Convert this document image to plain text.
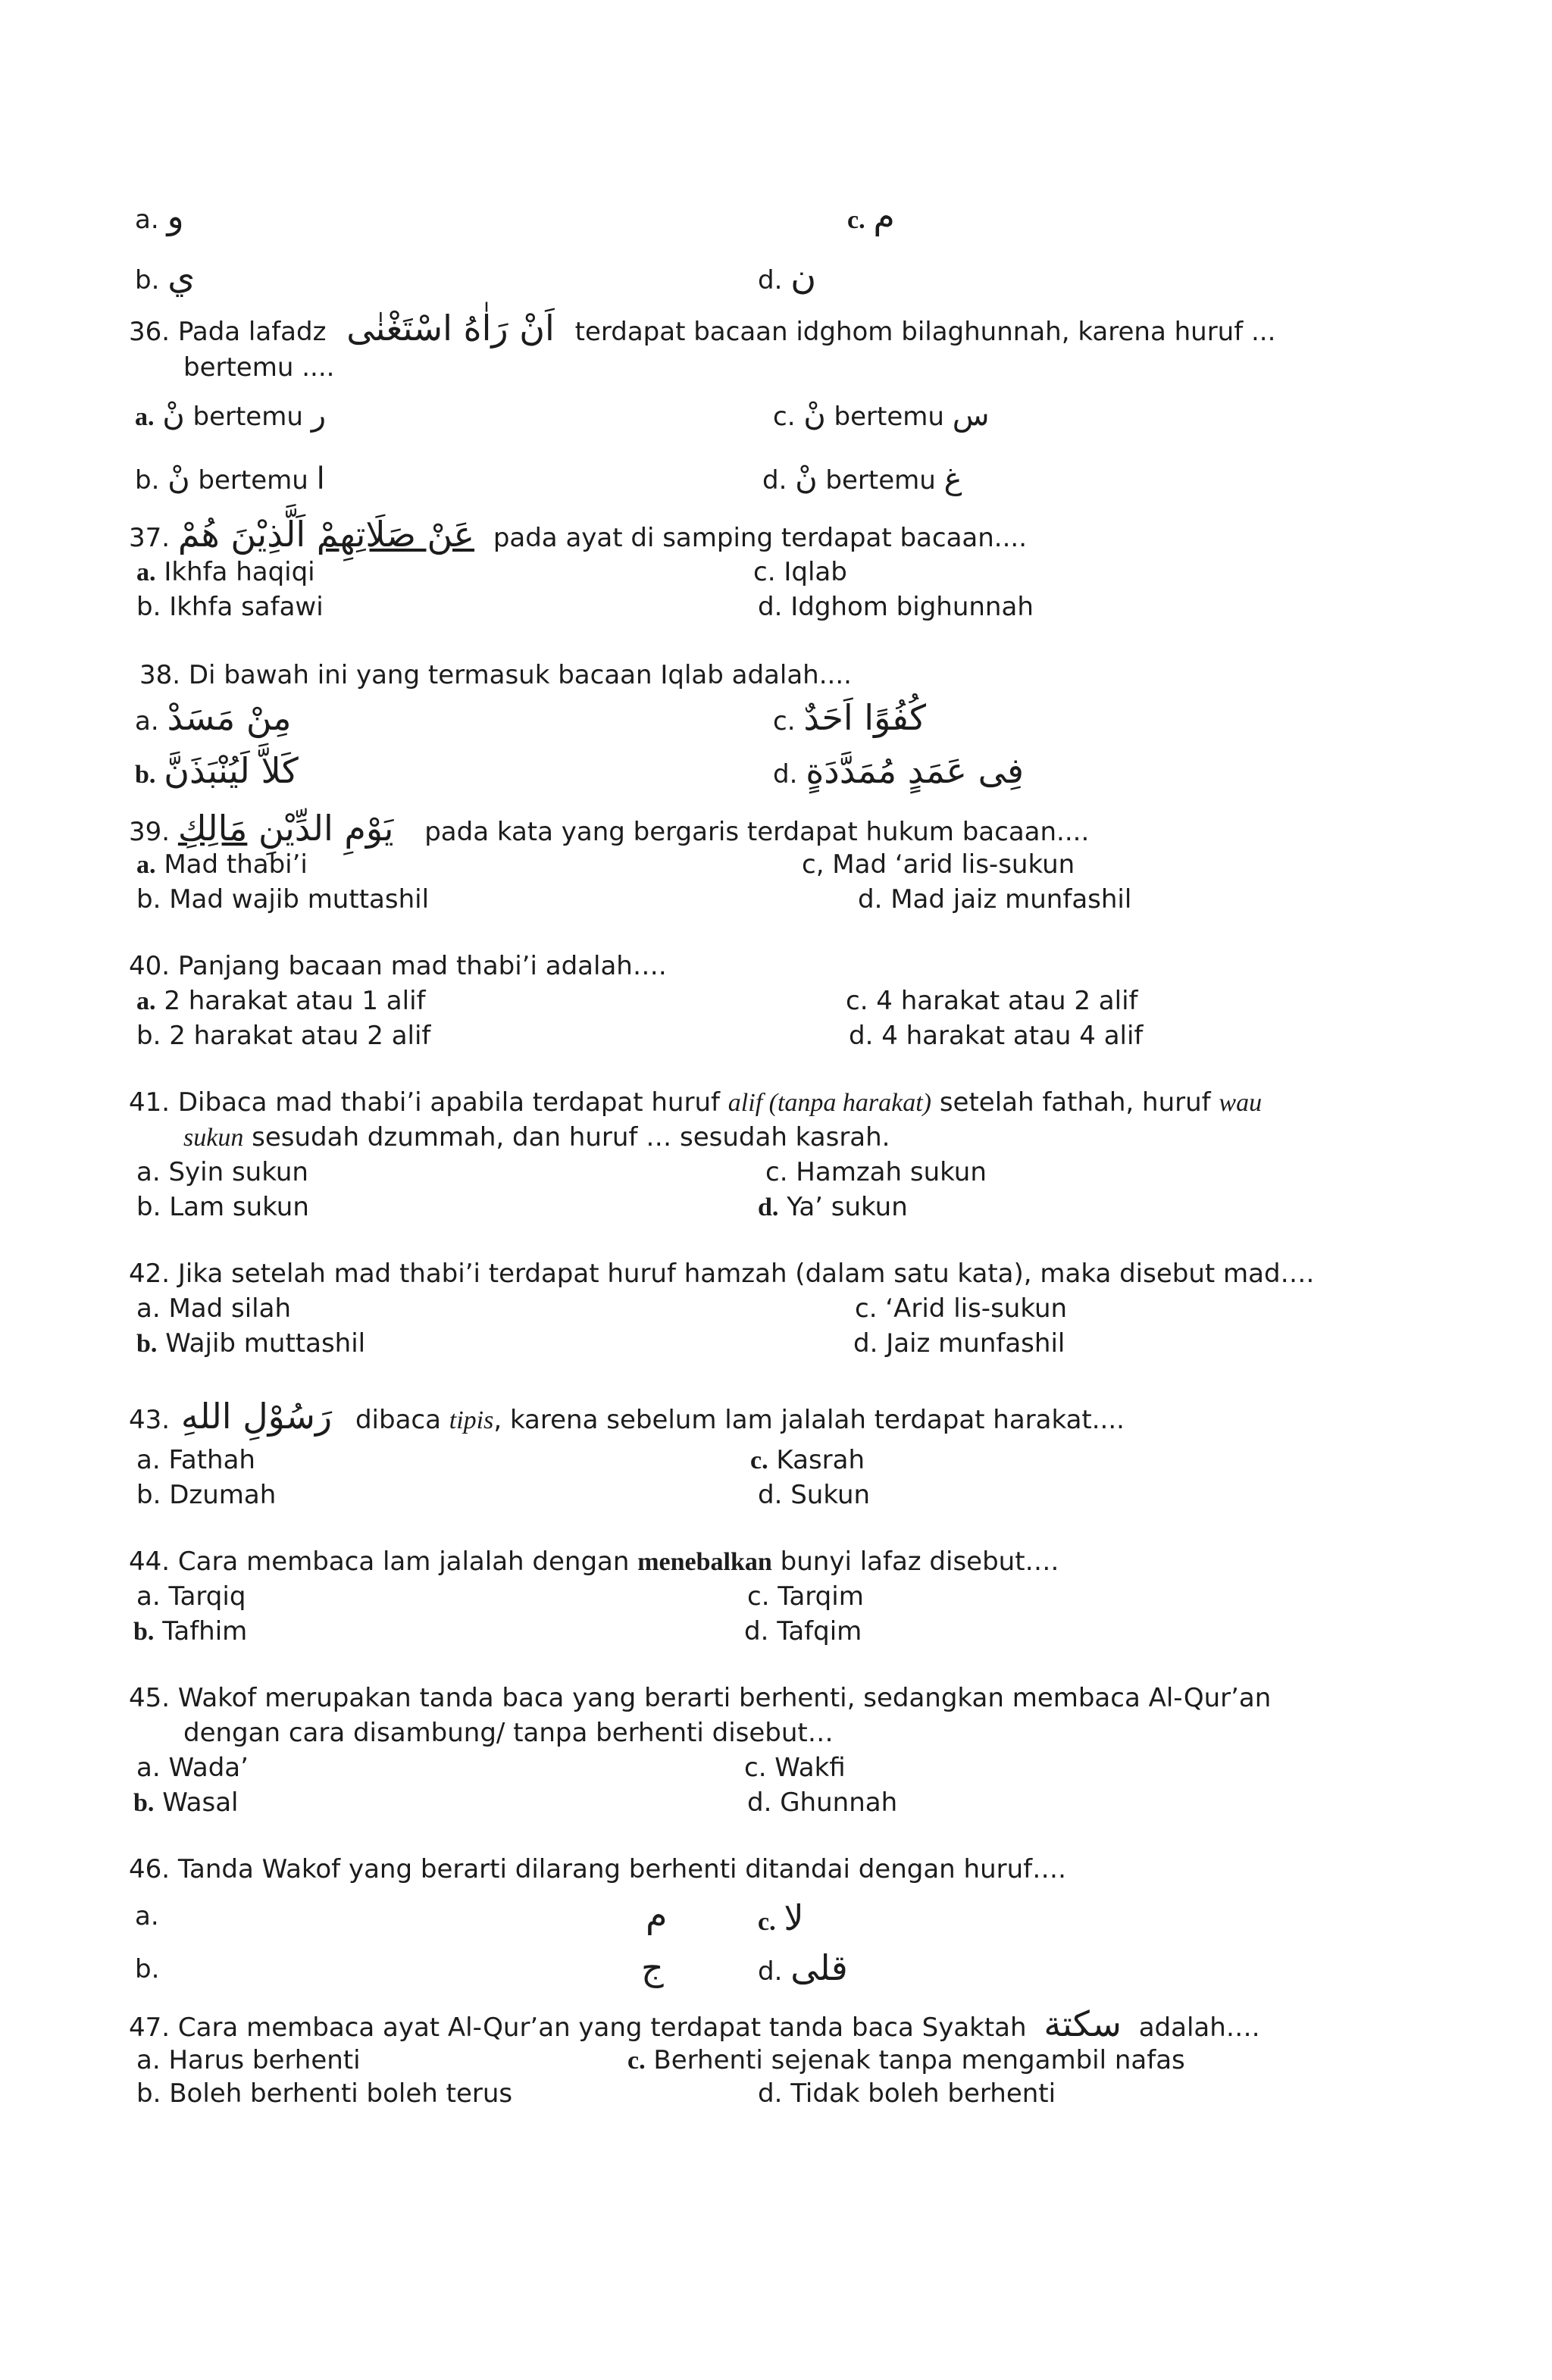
a. و	c. م
b. ي	d. ن
36. Pada lafadz اَنْ رَاٰهُ اسْتَغْنٰى terdapat bacaan idghom bilaghunnah, karena huruf ...
bertemu ....
a. نْ bertemu ر	c. نْ bertemu س
b. نْ bertemu ا	d. نْ bertemu غ
37.	عَنْ صَلَاتِهِمْ اَلَّذِيْنَ هُمْ	pada ayat di samping terdapat bacaan....
a. Ikhfa haqiqi	c. Iqlab
b. Ikhfa safawi	d. Idghom bighunnah
38. Di bawah ini yang termasuk bacaan Iqlab adalah....
a. مِنْ مَسَدْ	c. كُفُوًا اَحَدٌ
b. كَلاَّ لَيُنْبَذَنَّ	d. فِى عَمَدٍ مُمَدَّدَةٍ
39.	يَوْمِ الدِّيْنِ مَالِكِ	pada kata yang bergaris terdapat hukum bacaan....
a. Mad thabi’i	c, Mad ‘arid lis-sukun
b. Mad wajib muttashil	d. Mad jaiz munfashil
40. Panjang bacaan mad thabi’i adalah….
a. 2 harakat atau 1 alif	c. 4 harakat atau 2 alif
b. 2 harakat atau 2 alif	d. 4 harakat atau 4 alif
41. Dibaca mad thabi’i apabila terdapat huruf alif (tanpa harakat) setelah fathah, huruf wau
sukun sesudah dzummah, dan huruf … sesudah kasrah.
a. Syin sukun	c. Hamzah sukun
b. Lam sukun	d. Ya’ sukun
42. Jika setelah mad thabi’i terdapat huruf hamzah (dalam satu kata), maka disebut mad….
a. Mad silah	c. ‘Arid lis-sukun
b. Wajib muttashil	d. Jaiz munfashil
43. رَسُوْلِ اللهِ dibaca tipis, karena sebelum lam jalalah terdapat harakat....
a. Fathah	c. Kasrah
b. Dzumah	d. Sukun
44. Cara membaca lam jalalah dengan menebalkan bunyi lafaz disebut….
a. Tarqiq	c. Tarqim
b. Tafhim	d. Tafqim
45. Wakof merupakan tanda baca yang berarti berhenti, sedangkan membaca Al-Qur’an
dengan cara disambung/ tanpa berhenti disebut…
a. Wada’	c. Wakfi
b. Wasal	d. Ghunnah
46. Tanda Wakof yang berarti dilarang berhenti ditandai dengan huruf….
a.	م	c. لا
b.	ج	d. قلى
47. Cara membaca ayat Al-Qur’an yang terdapat tanda baca Syaktah سكتة adalah….
a. Harus berhenti	c. Berhenti sejenak tanpa mengambil nafas
b. Boleh berhenti boleh terus	d. Tidak boleh berhenti
